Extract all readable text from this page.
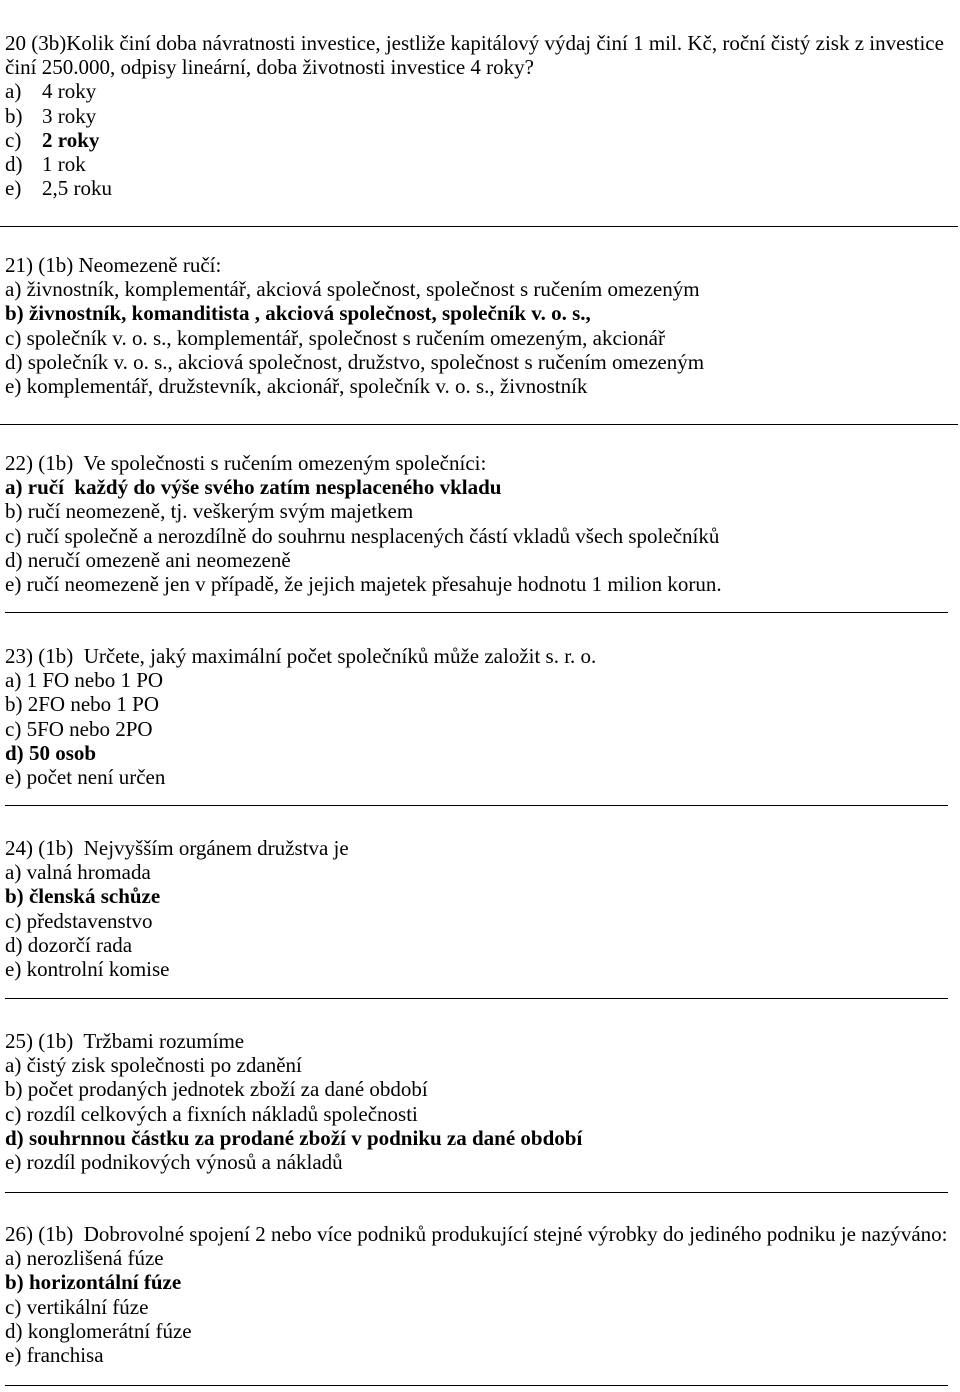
20 (3b)Kolik činí doba návratnosti investice, jestliže kapitálový výdaj činí 1 mil. Kč, roční čistý zisk z investice
činí 250.000, odpisy lineární, doba životnosti investice 4 roky?
a) 4 roky
b) 3 roky
c) 2 roky
d) 1 rok
e) 2,5 roku
21) (1b) Neomezeně ručí:
a) živnostník, komplementář, akciová společnost, společnost s ručením omezeným
b) živnostník, komanditista , akciová společnost, společník v. o. s.,
c) společník v. o. s., komplementář, společnost s ručením omezeným, akcionář
d) společník v. o. s., akciová společnost, družstvo, společnost s ručením omezeným
e) komplementář, družstevník, akcionář, společník v. o. s., živnostník
22) (1b)  Ve společnosti s ručením omezeným společníci:
a) ručí  každý do výše svého zatím nesplaceného vkladu
b) ručí neomezeně, tj. veškerým svým majetkem
c) ručí společně a nerozdílně do souhrnu nesplacených částí vkladů všech společníků
d) neručí omezeně ani neomezeně
e) ručí neomezeně jen v případě, že jejich majetek přesahuje hodnotu 1 milion korun.
23) (1b)  Určete, jaký maximální počet společníků může založit s. r. o.
a) 1 FO nebo 1 PO
b) 2FO nebo 1 PO
c) 5FO nebo 2PO
d) 50 osob
e) počet není určen
24) (1b)  Nejvyšším orgánem družstva je
a) valná hromada
b) členská schůze
c) představenstvo
d) dozorčí rada
e) kontrolní komise
25) (1b)  Tržbami rozumíme
a) čistý zisk společnosti po zdanění
b) počet prodaných jednotek zboží za dané období
c) rozdíl celkových a fixních nákladů společnosti
d) souhrnnou částku za prodané zboží v podniku za dané období
e) rozdíl podnikových výnosů a nákladů
26) (1b)  Dobrovolné spojení 2 nebo více podniků produkující stejné výrobky do jediného podniku je nazýváno:
a) nerozlišená fúze
b) horizontální fúze
c) vertikální fúze
d) konglomerátní fúze
e) franchisa
